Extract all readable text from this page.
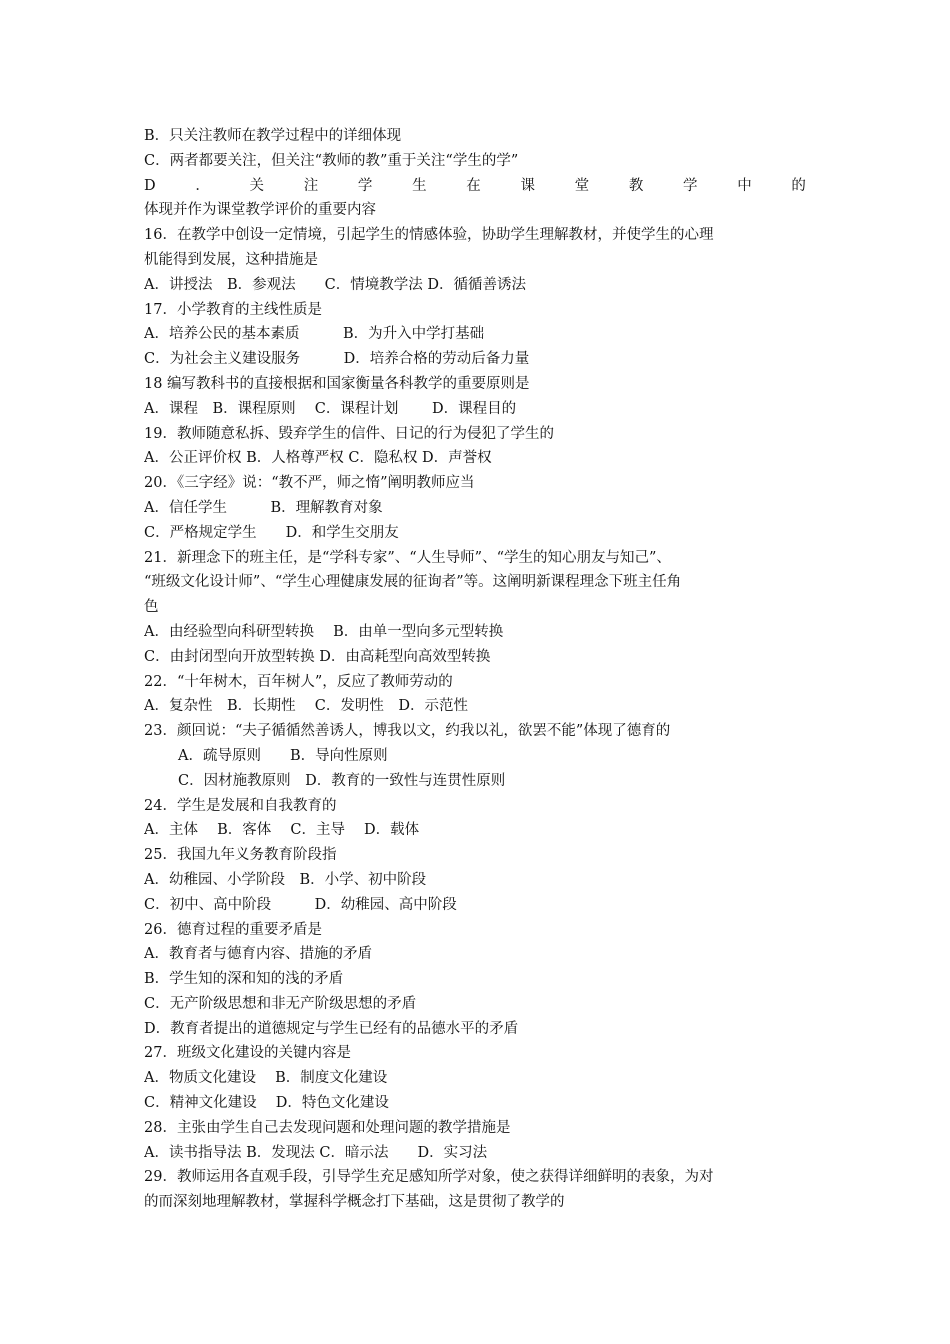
B．只关注教师在教学过程中的详细体现
C．两者都要关注，但关注“教师的教”重于关注“学生的学”
D	．	关	注	学	生	在	课	堂	教	学	中	的
体现并作为课堂教学评价的重要内容
16．在教学中创设一定情境，引起学生的情感体验，协助学生理解教材，并使学生的心理
机能得到发展，这种措施是
A．讲授法　B．参观法　　C．情境教学法 D．循循善诱法
17．小学教育的主线性质是
A．培养公民的基本素质　　　B．为升入中学打基础
C．为社会主义建设服务　　　D．培养合格的劳动后备力量
18 编写教科书的直接根据和国家衡量各科教学的重要原则是
A．课程　B．课程原则　 C．课程计划　　 D．课程目的
19．教师随意私拆、毁弃学生的信件、日记的行为侵犯了学生的
A．公正评价权 B．人格尊严权 C．隐私权 D．声誉权
20．《三字经》说：“教不严，师之惰”阐明教师应当
A．信任学生　　　B．理解教育对象
C．严格规定学生　　D．和学生交朋友
21．新理念下的班主任，是“学科专家”、“人生导师”、“学生的知心朋友与知己”、
“班级文化设计师”、“学生心理健康发展的征询者”等。这阐明新课程理念下班主任角
色
A．由经验型向科研型转换　 B．由单一型向多元型转换
C．由封闭型向开放型转换 D．由高耗型向高效型转换
22．“十年树木，百年树人”，反应了教师劳动的
A．复杂性　B．长期性　 C．发明性　D．示范性
23．颜回说：“夫子循循然善诱人，博我以文，约我以礼，欲罢不能”体现了德育的
A．疏导原则　　B．导向性原则
C．因材施教原则　D．教育的一致性与连贯性原则
24．学生是发展和自我教育的
A．主体　 B．客体　 C．主导　 D．载体
25．我国九年义务教育阶段指
A．幼稚园、小学阶段　B．小学、初中阶段
C．初中、高中阶段　　　D．幼稚园、高中阶段
26．德育过程的重要矛盾是
A．教育者与德育内容、措施的矛盾
B．学生知的深和知的浅的矛盾
C．无产阶级思想和非无产阶级思想的矛盾
D．教育者提出的道德规定与学生已经有的品德水平的矛盾
27．班级文化建设的关键内容是
A．物质文化建设　 B．制度文化建设
C．精神文化建设　 D．特色文化建设
28．主张由学生自己去发现问题和处理问题的教学措施是
A．读书指导法 B．发现法 C．暗示法　　D．实习法
29．教师运用各直观手段，引导学生充足感知所学对象，使之获得详细鲜明的表象，为对
的而深刻地理解教材，掌握科学概念打下基础，这是贯彻了教学的
